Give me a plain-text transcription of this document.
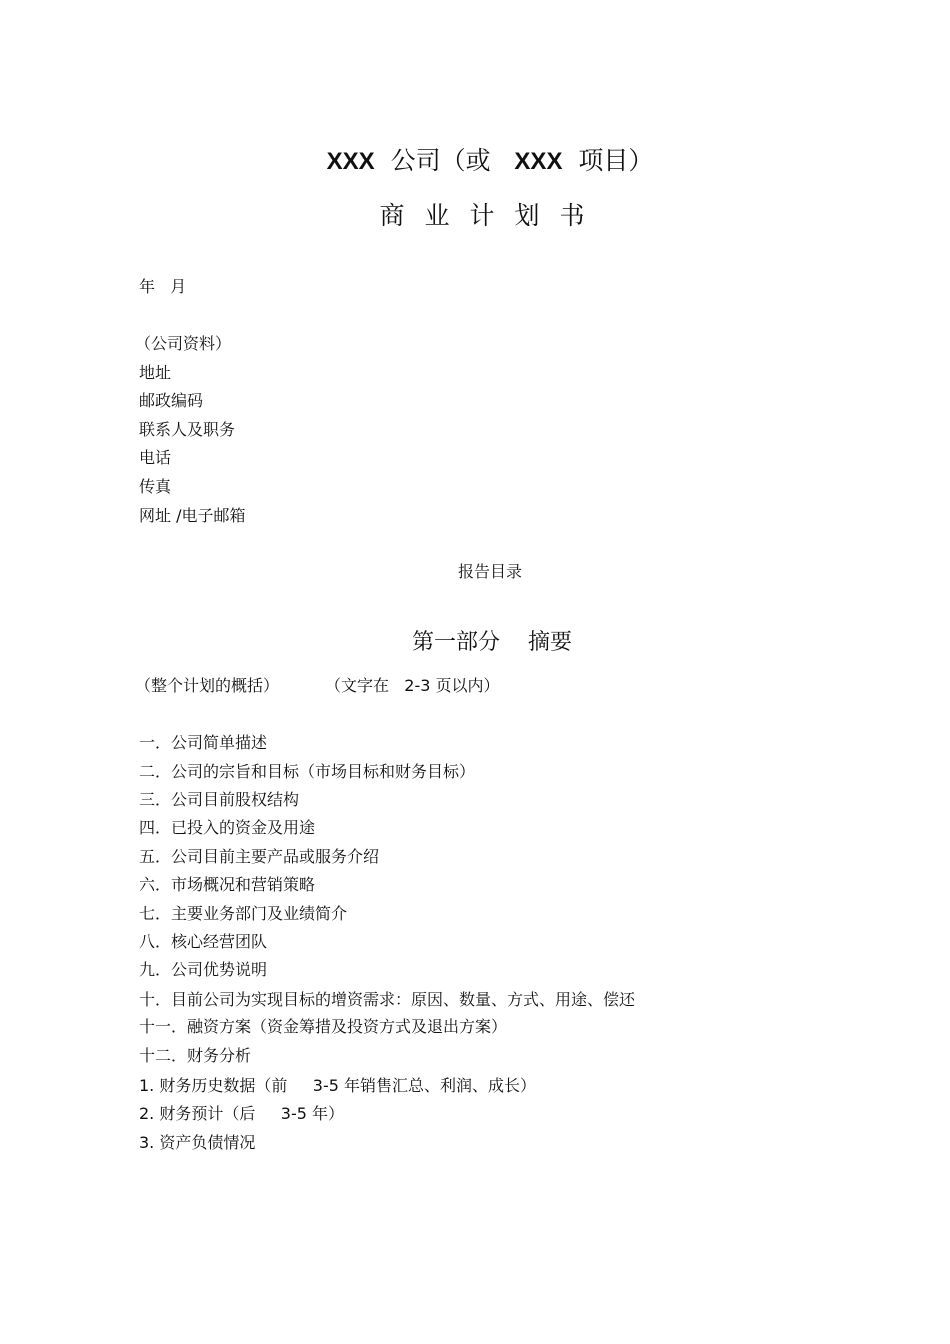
XXX 公司（或 XXX 项目）
商业计划书
年   月
（公司资料）
地址
邮政编码
联系人及职务
电话
传真
网址 /电子邮箱
报告目录
第一部分    摘要
（整个计划的概括）	（文字在   2-3 页以内）
一．公司简单描述
二．公司的宗旨和目标（市场目标和财务目标）
三．公司目前股权结构
四．已投入的资金及用途
五．公司目前主要产品或服务介绍
六．市场概况和营销策略
七．主要业务部门及业绩简介
八．核心经营团队
九．公司优势说明
十．目前公司为实现目标的增资需求：原因、数量、方式、用途、偿还
十一．融资方案（资金筹措及投资方式及退出方案）
十二．财务分析
1. 财务历史数据（前     3-5 年销售汇总、利润、成长）
2. 财务预计（后     3-5 年）
3. 资产负债情况
